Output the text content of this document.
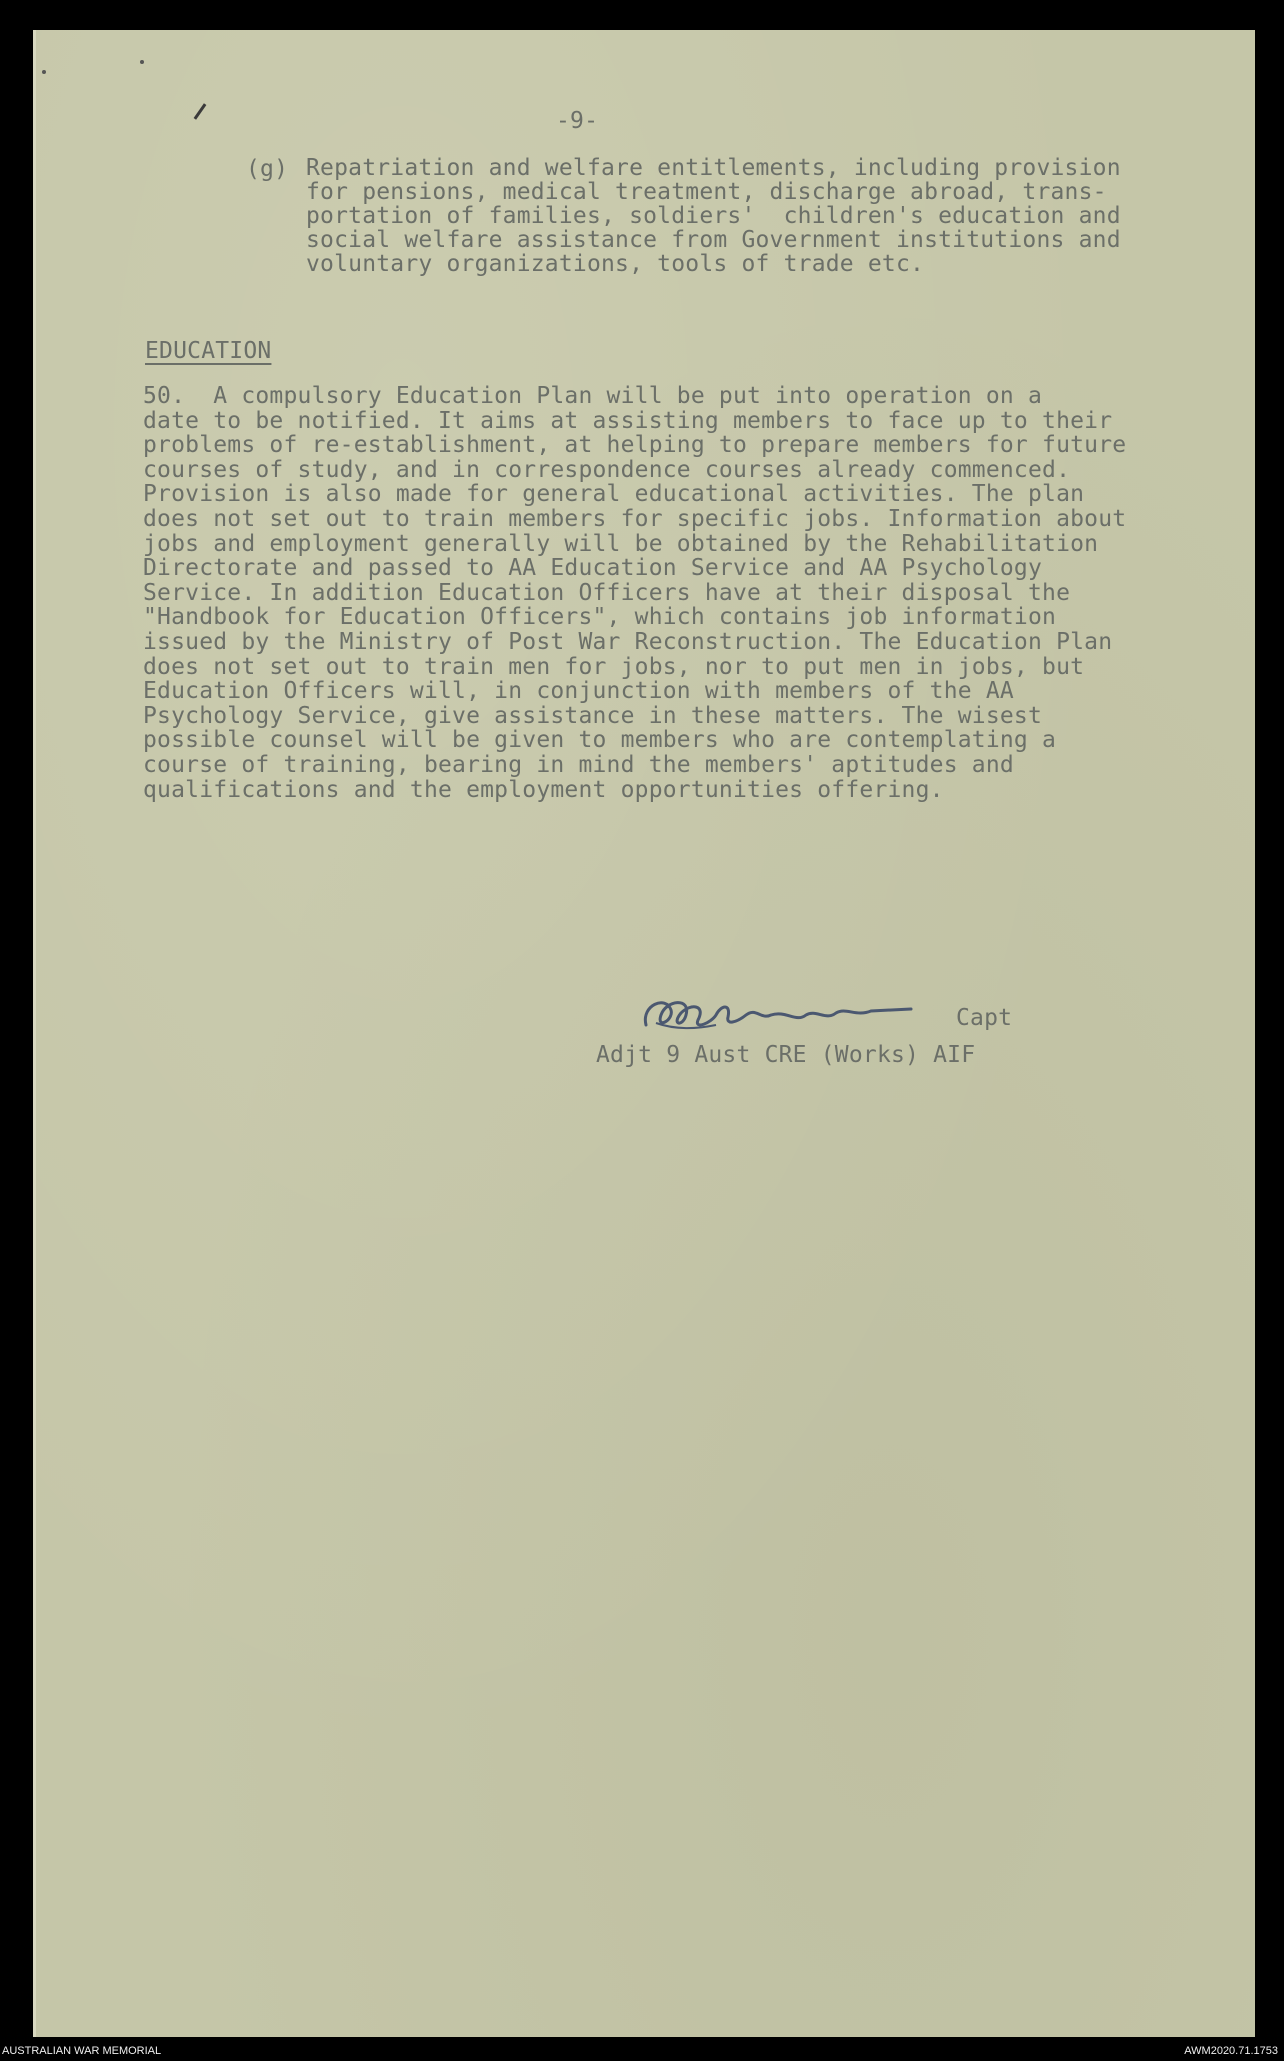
-9-
(g) Repatriation and welfare entitlements, including provision
for pensions, medical treatment, discharge abroad, trans-
portation of families, soldiers'  children's education and
social welfare assistance from Government institutions and
voluntary organizations, tools of trade etc.
EDUCATION
50.  A compulsory Education Plan will be put into operation on a
date to be notified. It aims at assisting members to face up to their
problems of re-establishment, at helping to prepare members for future
courses of study, and in correspondence courses already commenced.
Provision is also made for general educational activities. The plan
does not set out to train members for specific jobs. Information about
jobs and employment generally will be obtained by the Rehabilitation
Directorate and passed to AA Education Service and AA Psychology
Service. In addition Education Officers have at their disposal the
"Handbook for Education Officers", which contains job information
issued by the Ministry of Post War Reconstruction. The Education Plan
does not set out to train men for jobs, nor to put men in jobs, but
Education Officers will, in conjunction with members of the AA
Psychology Service, give assistance in these matters. The wisest
possible counsel will be given to members who are contemplating a
course of training, bearing in mind the members' aptitudes and
qualifications and the employment opportunities offering.
Capt
Adjt 9 Aust CRE (Works) AIF
AUSTRALIAN WAR MEMORIAL	AWM2020.71.1753
